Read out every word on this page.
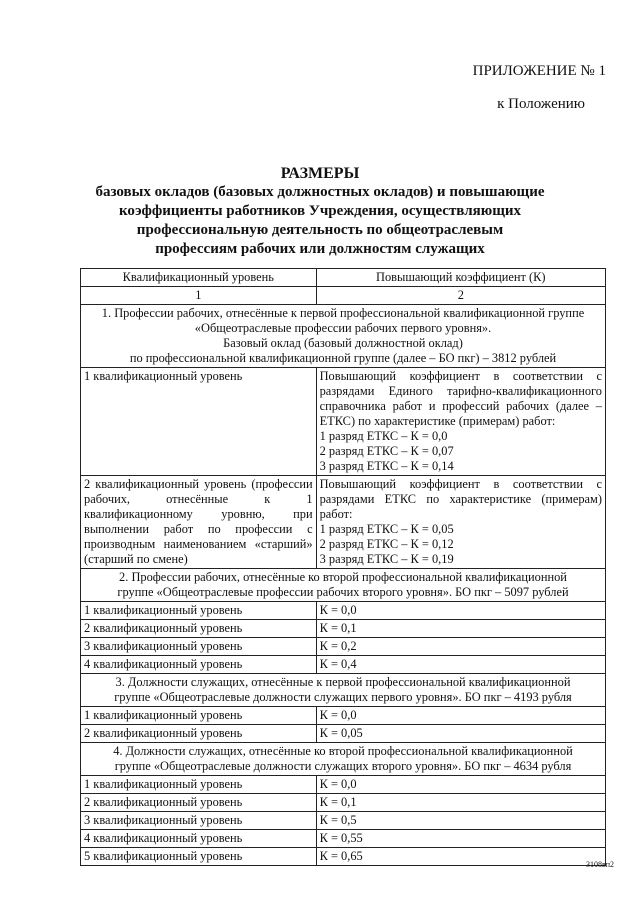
ПРИЛОЖЕНИЕ № 1
к Положению
РАЗМЕРЫ
базовых окладов (базовых должностных окладов) и повышающие
коэффициенты работников Учреждения, осуществляющих
профессиональную деятельность по общеотраслевым
профессиям рабочих или должностям служащих
Квалификационный уровень	Повышающий коэффициент (К)
1	2

1. Профессии рабочих, отнесённые к первой профессиональной квалификационной группе
«Общеотраслевые профессии рабочих первого уровня».
Базовый оклад (базовый должностной оклад)
по профессиональной квалификационной группе (далее – БО пкг) – 3812 рублей	

1 квалификационный уровень	Повышающий коэффициент в соответствии с разрядами Единого тарифно-квалификационного справочника работ и профессий рабочих (далее – ЕТКС) по характеристике (примерам) работ:
1 разряд ЕТКС – К = 0,0
2 разряд ЕТКС – К = 0,07
3 разряд ЕТКС – К = 0,14

2 квалификационный уровень (профессии рабочих, отнесённые к 1 квалификационному уровню, при выполнении работ по профессии с производным наименованием «старший» (старший по смене)	Повышающий коэффициент в соответствии с разрядами ЕТКС по характеристике (примерам) работ:
1 разряд ЕТКС – К = 0,05
2 разряд ЕТКС – К = 0,12
3 разряд ЕТКС – К = 0,19

2. Профессии рабочих, отнесённые ко второй профессиональной квалификационной
группе «Общеотраслевые профессии рабочих второго уровня». БО пкг – 5097 рублей	

1 квалификационный уровень	К = 0,0
2 квалификационный уровень	К = 0,1
3 квалификационный уровень	К = 0,2
4 квалификационный уровень	К = 0,4

3. Должности служащих, отнесённые к первой профессиональной квалификационной
группе «Общеотраслевые должности служащих первого уровня». БО пкг – 4193 рубля	

1 квалификационный уровень	К = 0,0
2 квалификационный уровень	К = 0,05

4. Должности служащих, отнесённые ко второй профессиональной квалификационной
группе «Общеотраслевые должности служащих второго уровня». БО пкг – 4634 рубля	

1 квалификационный уровень	К = 0,0
2 квалификационный уровень	К = 0,1
3 квалификационный уровень	К = 0,5
4 квалификационный уровень	К = 0,55
5 квалификационный уровень	К = 0,65
3108вп2
